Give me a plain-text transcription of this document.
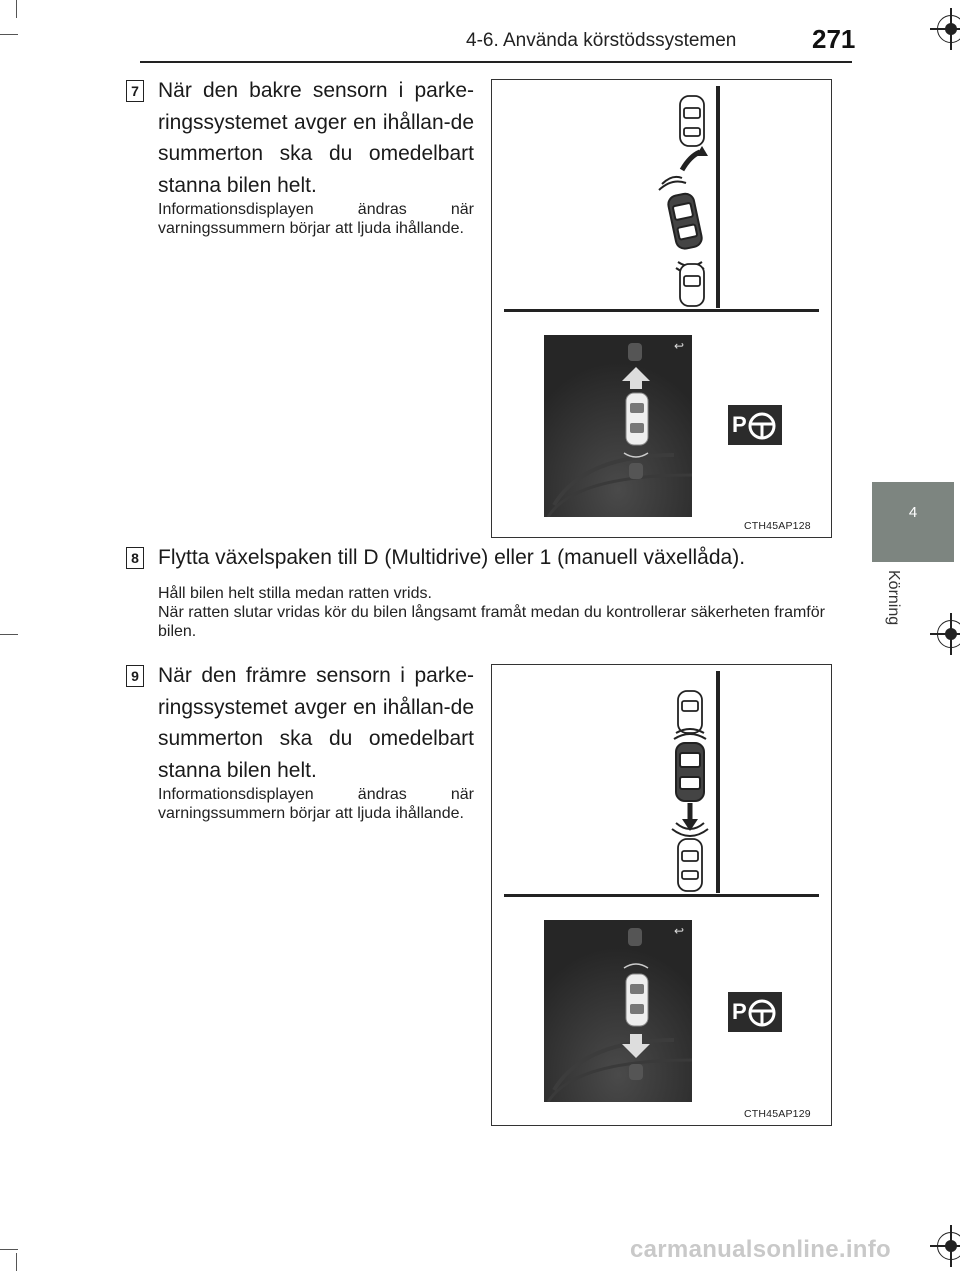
4-6. Använda körstödssystemen	271
4
Körning
7 När den bakre sensorn i parke-ringssystemet avger en ihållan-de summerton ska du omedelbart stanna bilen helt.
Informationsdisplayen ändras när varningssummern börjar att ljuda ihållande.
↩
P
CTH45AP128
8 Flytta växelspaken till D (Multidrive) eller 1 (manuell växellåda).
Håll bilen helt stilla medan ratten vrids.
När ratten slutar vridas kör du bilen långsamt framåt medan du kontrollerar säkerheten framför bilen.
9 När den främre sensorn i parke-ringssystemet avger en ihållan-de summerton ska du omedelbart stanna bilen helt.
Informationsdisplayen ändras när varningssummern börjar att ljuda ihållande.
↩
P
CTH45AP129
carmanualsonline.info
